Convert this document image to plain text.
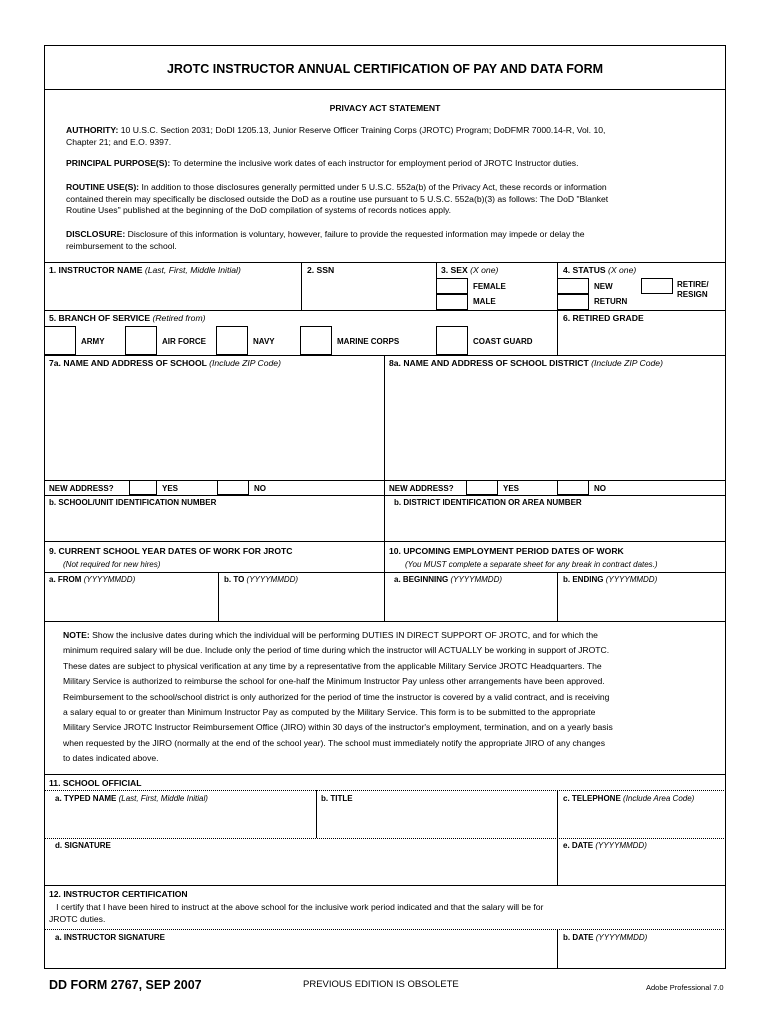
JROTC INSTRUCTOR ANNUAL CERTIFICATION OF PAY AND DATA FORM
PRIVACY ACT STATEMENT
AUTHORITY: 10 U.S.C. Section 2031; DoDI 1205.13, Junior Reserve Officer Training Corps (JROTC) Program; DoDFMR 7000.14-R, Vol. 10,
Chapter 21; and E.O. 9397.
PRINCIPAL PURPOSE(S): To determine the inclusive work dates of each instructor for employment period of JROTC Instructor duties.
ROUTINE USE(S): In addition to those disclosures generally permitted under 5 U.S.C. 552a(b) of the Privacy Act, these records or information
contained therein may specifically be disclosed outside the DoD as a routine use pursuant to 5 U.S.C. 552a(b)(3) as follows: The DoD "Blanket
Routine Uses" published at the beginning of the DoD compilation of systems of records notices apply.
DISCLOSURE: Disclosure of this information is voluntary, however, failure to provide the requested information may impede or delay the
reimbursement to the school.
1. INSTRUCTOR NAME (Last, First, Middle Initial)	2. SSN	3. SEX (X one)
FEMALE
MALE
4. STATUS (X one)
NEW
RETURN
RETIRE/
RESIGN
5. BRANCH OF SERVICE (Retired from)
ARMY	AIR FORCE	NAVY	MARINE CORPS	COAST GUARD
6. RETIRED GRADE
7a. NAME AND ADDRESS OF SCHOOL (Include ZIP Code)	8a. NAME AND ADDRESS OF SCHOOL DISTRICT (Include ZIP Code)
NEW ADDRESS?	YES	NO	NEW ADDRESS?	YES	NO
b. SCHOOL/UNIT IDENTIFICATION NUMBER	b. DISTRICT IDENTIFICATION OR AREA NUMBER
9. CURRENT SCHOOL YEAR DATES OF WORK FOR JROTC
(Not required for new hires)
10. UPCOMING EMPLOYMENT PERIOD DATES OF WORK
(You MUST complete a separate sheet for any break in contract dates.)
a. FROM (YYYYMMDD)	b. TO (YYYYMMDD)	a. BEGINNING (YYYYMMDD)	b. ENDING (YYYYMMDD)
NOTE: Show the inclusive dates during which the individual will be performing DUTIES IN DIRECT SUPPORT OF JROTC, and for which the
minimum required salary will be due. Include only the period of time during which the instructor will ACTUALLY be working in support of JROTC.
These dates are subject to physical verification at any time by a representative from the applicable Military Service JROTC Headquarters. The
Military Service is authorized to reimburse the school for one-half the Minimum Instructor Pay unless other arrangements have been approved.
Reimbursement to the school/school district is only authorized for the period of time the instructor is covered by a valid contract, and is receiving
a salary equal to or greater than Minimum Instructor Pay as computed by the Military Service. This form is to be submitted to the appropriate
Military Service JROTC Instructor Reimbursement Office (JIRO) within 30 days of the instructor's employment, termination, and on a yearly basis
when requested by the JIRO (normally at the end of the school year). The school must immediately notify the appropriate JIRO of any changes
to dates indicated above.
11. SCHOOL OFFICIAL
a. TYPED NAME (Last, First, Middle Initial)	b. TITLE	c. TELEPHONE (Include Area Code)
d. SIGNATURE	e. DATE (YYYYMMDD)
12. INSTRUCTOR CERTIFICATION
I certify that I have been hired to instruct at the above school for the inclusive work period indicated and that the salary will be for
JROTC duties.
a. INSTRUCTOR SIGNATURE	b. DATE (YYYYMMDD)
DD FORM 2767, SEP 2007	PREVIOUS EDITION IS OBSOLETE	Adobe Professional 7.0
